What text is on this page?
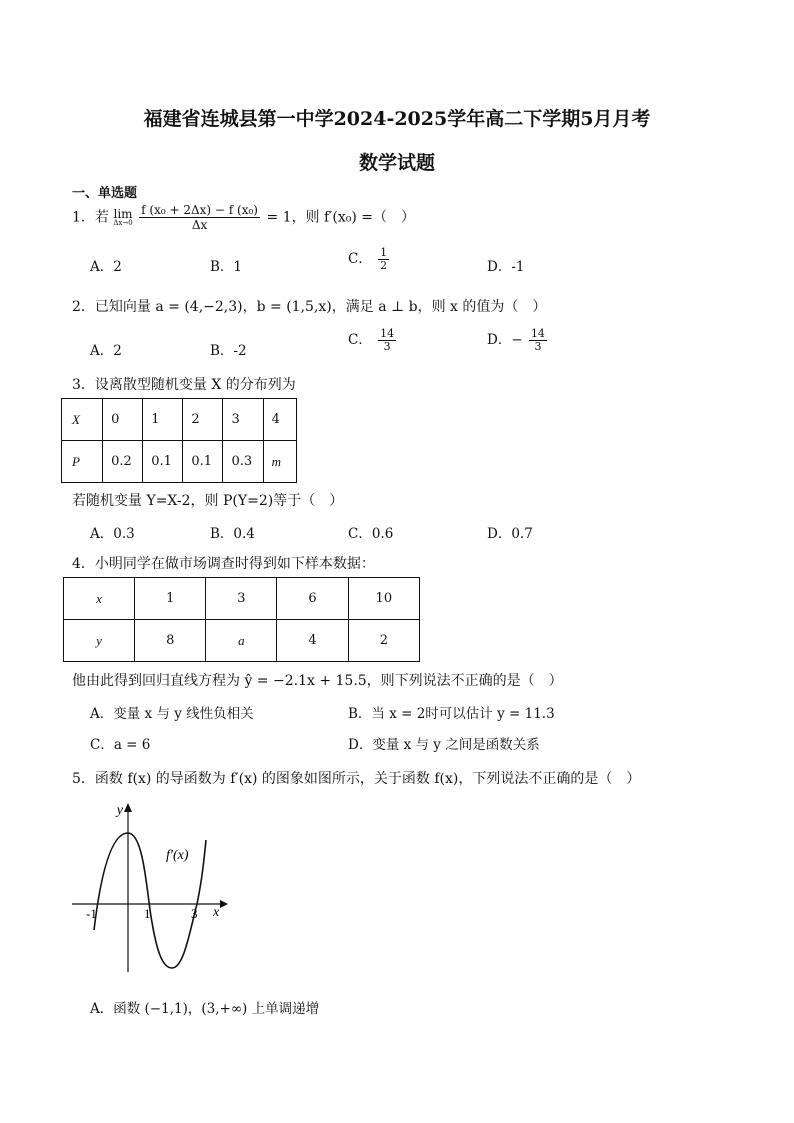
福建省连城县第一中学2024-2025学年高二下学期5月月考
数学试题
一、单选题
1．若 lim
Δx→0
$\frac{\text{f (x₀ + 2Δx) − f (x₀)}}{\Delta x} = 1$，则 f′(x₀) =（　）
A．2	B．1	C． $\frac{1}{2}$	D．-1
2．已知向量 a = (4,−2,3)，b = (1,5,x)，满足 a ⊥ b，则 x 的值为（　）
A．2	B．-2
C． $\frac{14}{3}$	D．− $\frac{14}{3}$
3．设离散型随机变量 X 的分布列为
X	0	1	2	3	4
P	0.2	0.1	0.1	0.3	m
若随机变量 Y=X-2，则 P(Y=2)等于（　）
A．0.3	B．0.4	C．0.6	D．0.7
4．小明同学在做市场调查时得到如下样本数据：
x	1	3	6	10
y	8	a	4	2
他由此得到回归直线方程为 ŷ = −2.1x + 15.5，则下列说法不正确的是（　）
A．变量 x 与 y 线性负相关	B．当 x = 2时可以估计 y = 11.3
C．a = 6	D．变量 x 与 y 之间是函数关系
5．函数 f(x) 的导函数为 f′(x) 的图象如图所示，关于函数 f(x)，下列说法不正确的是（　）
y
x
f′(x)
-1	1	3
A．函数 (−1,1)，(3,+∞) 上单调递增
